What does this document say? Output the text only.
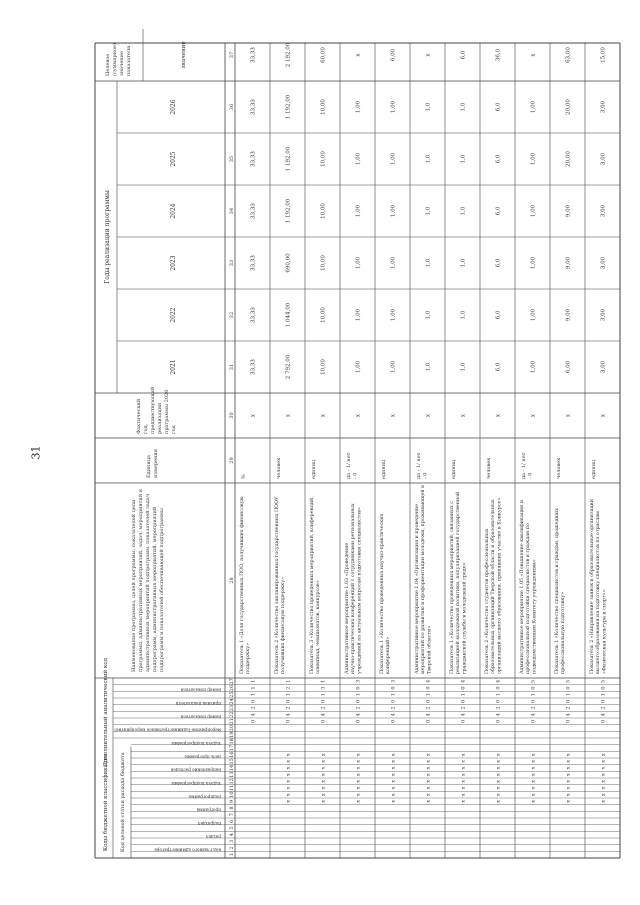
31
Коды бюджетной классификации
Дополнительный аналитический код
Код целевой статьи расхода бюджета	код главного администратора
раздел
подраздел
программа
подпрограмма
задача подпрограммы
направление расходов
цель программы
задача подпрограммы
мероприятие (административное мероприятие)
номер показателя
признак показателя
номер показателя
Наименование программы, целей программы, показателей цели программы, административных мероприятий, задач, мероприятий и административных мероприятий подпрограмм, показателей задач подпрограмм, административных мероприятий, мероприятий подпрограмм и показателей обеспечивающей подпрограммы
Единица измерения
Фактический год, предшествующий реализации программы 2020 год
Годы реализации программы
2021
2022
2023
2024
2025
2026
Целевое (суммарное) значение показателя	значение
1
2
3
4
5
6
7
8
9
10
11
12
13
14
15
16
17
18
19
20
21
22
23
24
25
26
27
28
29
30
31
32
33
34
35
36
37
0
4
2
0
1
1
1
Показатель 1 «Доля государственных ПОО, получивших финансовую поддержку»
%
х
33,33
33,33
33,33
33,33
33,33
33,33
33,33
0
4
2
0
1
2
1
х
х
х
х
х
х
х
х
Показатель 2 «Количество запланированных государственных ПООУ получивших финансовую поддержку»
человек
х
2 792,00
1 044,00
690,00
1 192,00
1 192,00
1 192,00
2 192,00
0
4
2
0
1
3
1
х
х
х
х
х
х
х
х
Показатель 3 «Количество проведенных мероприятий, конференций, олимпиад, чемпионатов, конкурсов»
единиц
х
10,00
10,00
10,00
10,00
10,00
10,00
60,00
0
4
2
0
1
0
3
х
х
х
х
х
х
х
х
Административное мероприятие 1.03 «Проведение научно-практических конференций с сотрудниками региональных учреждений по актуальным вопросам подготовки специалистов»
да - 1/ нет - 0
х
1,00
1,00
1,00
1,00
1,00
1,00
х
0
4
2
0
1
0
3
х
х
х
х
х
х
х
х
Показатель 1 «Количество проведенных научно-практических конференций»
единиц
х
1,00
1,00
1,00
1,00
1,00
1,00
6,00
0
4
2
0
1
0
4
х
х
х
х
х
х
х
х
Административное мероприятие 1.04 «Организация и проведение мероприятий по развитию и профориентации молодежи, проживающей в Тверской области»
да - 1/ нет - 0
х
1,0
1,0
1,0
1,0
1,0
1,0
х
0
4
2
0
1
0
4
х
х
х
х
х
х
х
х
Показатель 1 «Количество проведенных мероприятий, связанных с реализацией молодежной политики, популяризацией государственной гражданской службы в молодежной среде»
единиц
х
1,0
1,0
1,0
1,0
1,0
1,0
6,0
0
4
2
0
1
0
4
х
х
х
х
х
х
х
х
Показатель 2 «Количество студентов профессиональных образовательных организаций Тверской области и образовательных организаций высшего образования, принявших участие в Конкурсе»
человек
х
6,0
6,0
6,0
6,0
6,0
6,0
36,0
0
4
2
0
1
0
5
х
х
х
х
х
х
х
х
Административное мероприятие 1.05 «Повышение квалификации и профессиональной подготовки специалистов и граждан по подведомственным Комитету учреждениям»
да - 1/ нет - 0
х
1,00
1,00
1,00
1,00
1,00
1,00
х
0
4
2
0
1
0
5
х
х
х
х
х
х
х
х
Показатель 1 «Количество специалистов и граждан, прошедших профессиональную подготовку»
человек
х
6,00
9,00
9,00
9,00
20,00
20,00
63,00
0
4
2
0
1
0
5
х
х
х
х
х
х
х
х
Показатель 2 «Направление заявок в образовательные организации высшего образования на подготовку специалистов по отраслям «Физическая культура и спорт»»
единиц
х
3,00
3,00
3,00
3,00
3,00
3,00
15,00
